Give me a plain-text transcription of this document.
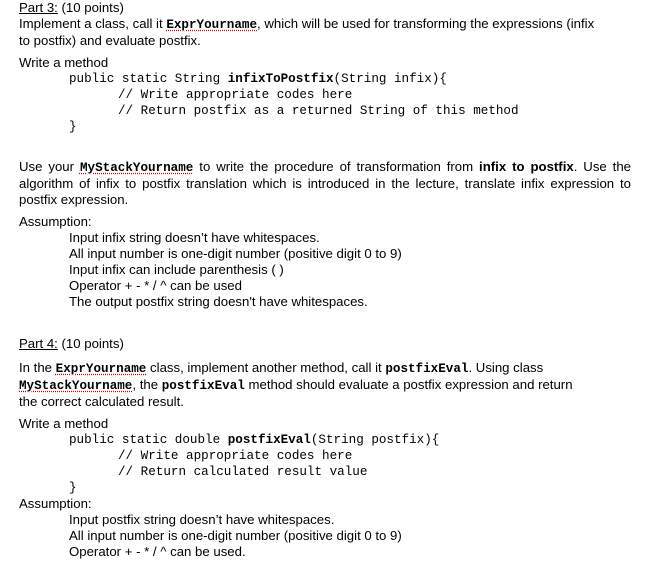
Part 3: (10 points)
Implement a class, call it ExprYourname, which will be used for transforming the expressions (infix
to postfix) and evaluate postfix.
Write a method
public static String infixToPostfix(String infix){
// Write appropriate codes here
// Return postfix as a returned String of this method
}
Use your MyStackYourname to write the procedure of transformation from infix to postfix. Use the algorithm of infix to postfix translation which is introduced in the lecture, translate infix expression to postfix expression.
Assumption:
Input infix string doesn’t have whitespaces.
All input number is one-digit number (positive digit 0 to 9)
Input infix can include parenthesis ( )
Operator + - * / ^ can be used
The output postfix string doesn't have whitespaces.
Part 4: (10 points)
In the ExprYourname class, implement another method, call it postfixEval. Using class
MyStackYourname, the postfixEval method should evaluate a postfix expression and return
the correct calculated result.
Write a method
public static double postfixEval(String postfix){
// Write appropriate codes here
// Return calculated result value
}
Assumption:
Input postfix string doesn’t have whitespaces.
All input number is one-digit number (positive digit 0 to 9)
Operator + - * / ^ can be used.
